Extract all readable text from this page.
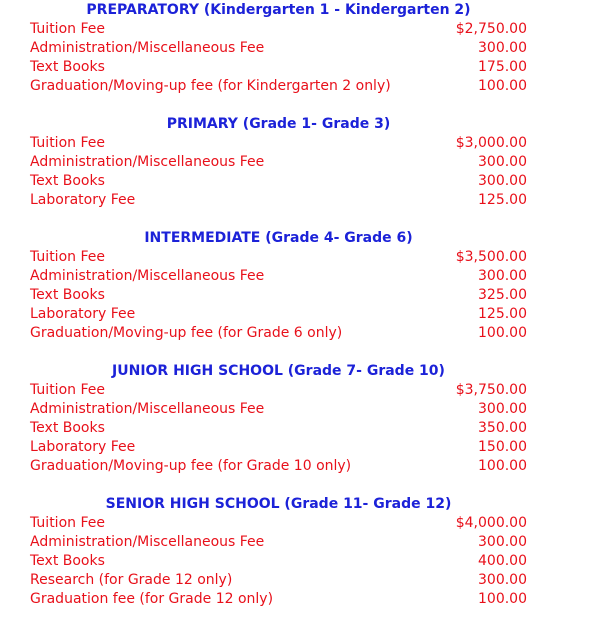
PREPARATORY (Kindergarten 1 - Kindergarten 2)
Tuition Fee	$2,750.00
Administration/Miscellaneous Fee	300.00
Text Books	175.00
Graduation/Moving-up fee (for Kindergarten 2 only)	100.00
PRIMARY (Grade 1- Grade 3)
Tuition Fee	$3,000.00
Administration/Miscellaneous Fee	300.00
Text Books	300.00
Laboratory Fee	125.00
INTERMEDIATE (Grade 4- Grade 6)
Tuition Fee	$3,500.00
Administration/Miscellaneous Fee	300.00
Text Books	325.00
Laboratory Fee	125.00
Graduation/Moving-up fee (for Grade 6 only)	100.00
JUNIOR HIGH SCHOOL (Grade 7- Grade 10)
Tuition Fee	$3,750.00
Administration/Miscellaneous Fee	300.00
Text Books	350.00
Laboratory Fee	150.00
Graduation/Moving-up fee (for Grade 10 only)	100.00
SENIOR HIGH SCHOOL (Grade 11- Grade 12)
Tuition Fee	$4,000.00
Administration/Miscellaneous Fee	300.00
Text Books	400.00
Research (for Grade 12 only)	300.00
Graduation fee (for Grade 12 only)	100.00
